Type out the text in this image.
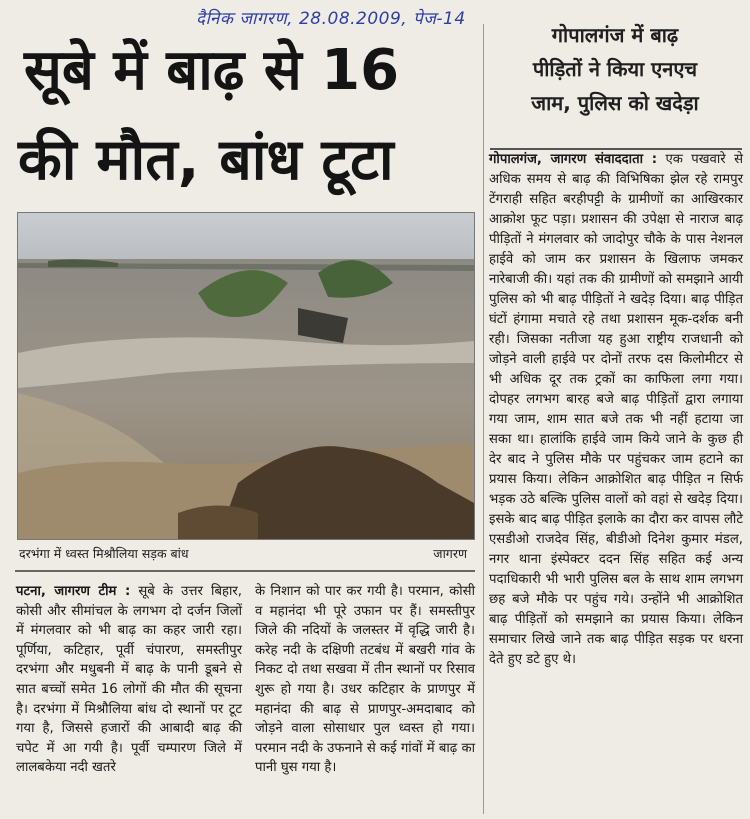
दैनिक जागरण, 28.08.2009, पेज-14
सूबे में बाढ़ से 16
की मौत, बांध टूटा
दरभंगा में ध्वस्त मिश्रौलिया सड़क बांध	जागरण
पटना, जागरण टीम : सूबे के उत्तर बिहार, कोसी और सीमांचल के लगभग दो दर्जन जिलों में मंगलवार को भी बाढ़ का कहर जारी रहा। पूर्णिया, कटिहार, पूर्वी चंपारण, समस्तीपुर दरभंगा और मधुबनी में बाढ़ के पानी डूबने से सात बच्चों समेत 16 लोगों की मौत की सूचना है। दरभंगा में मिश्रौलिया बांध दो स्थानों पर टूट गया है, जिससे हजारों की आबादी बाढ़ की चपेट में आ गयी है। पूर्वी चम्पारण जिले में लालबकेया नदी खतरे
के निशान को पार कर गयी है। परमान, कोसी व महानंदा भी पूरे उफान पर हैं। समस्तीपुर जिले की नदियों के जलस्तर में वृद्धि जारी है। करेह नदी के दक्षिणी तटबंध में बखरी गांव के निकट दो तथा सखवा में तीन स्थानों पर रिसाव शुरू हो गया है। उधर कटिहार के प्राणपुर में महानंदा की बाढ़ से प्राणपुर-अमदाबाद को जोड़ने वाला सोसाधार पुल ध्वस्त हो गया। परमान नदी के उफनाने से कई गांवों में बाढ़ का पानी घुस गया है।
गोपालगंज में बाढ़
पीड़ितों ने किया एनएच
जाम, पुलिस को खदेड़ा
गोपालगंज, जागरण संवाददाता : एक पखवारे से अधिक समय से बाढ़ की विभिषिका झेल रहे रामपुर टेंगराही सहित बरहीपट्टी के ग्रामीणों का आखिरकार आक्रोश फूट पड़ा। प्रशासन की उपेक्षा से नाराज बाढ़ पीड़ितों ने मंगलवार को जादोपुर चौके के पास नेशनल हाईवे को जाम कर प्रशासन के खिलाफ जमकर नारेबाजी की। यहां तक की ग्रामीणों को समझाने आयी पुलिस को भी बाढ़ पीड़ितों ने खदेड़ दिया। बाढ़ पीड़ित घंटों हंगामा मचाते रहे तथा प्रशासन मूक-दर्शक बनी रही। जिसका नतीजा यह हुआ राष्ट्रीय राजधानी को जोड़ने वाली हाईवे पर दोनों तरफ दस किलोमीटर से भी अधिक दूर तक ट्रकों का काफिला लगा गया। दोपहर लगभग बारह बजे बाढ़ पीड़ितों द्वारा लगाया गया जाम, शाम सात बजे तक भी नहीं हटाया जा सका था। हालांकि हाईवे जाम किये जाने के कुछ ही देर बाद ने पुलिस मौके पर पहुंचकर जाम हटाने का प्रयास किया। लेकिन आक्रोशित बाढ़ पीड़ित न सिर्फ भड़क उठे बल्कि पुलिस वालों को वहां से खदेड़ दिया। इसके बाद बाढ़ पीड़ित इलाके का दौरा कर वापस लौटे एसडीओ राजदेव सिंह, बीडीओ दिनेश कुमार मंडल, नगर थाना इंस्पेक्टर ददन सिंह सहित कई अन्य पदाधिकारी भी भारी पुलिस बल के साथ शाम लगभग छह बजे मौके पर पहुंच गये। उन्होंने भी आक्रोशित बाढ़ पीड़ितों को समझाने का प्रयास किया। लेकिन समाचार लिखे जाने तक बाढ़ पीड़ित सड़क पर धरना देते हुए डटे हुए थे।
